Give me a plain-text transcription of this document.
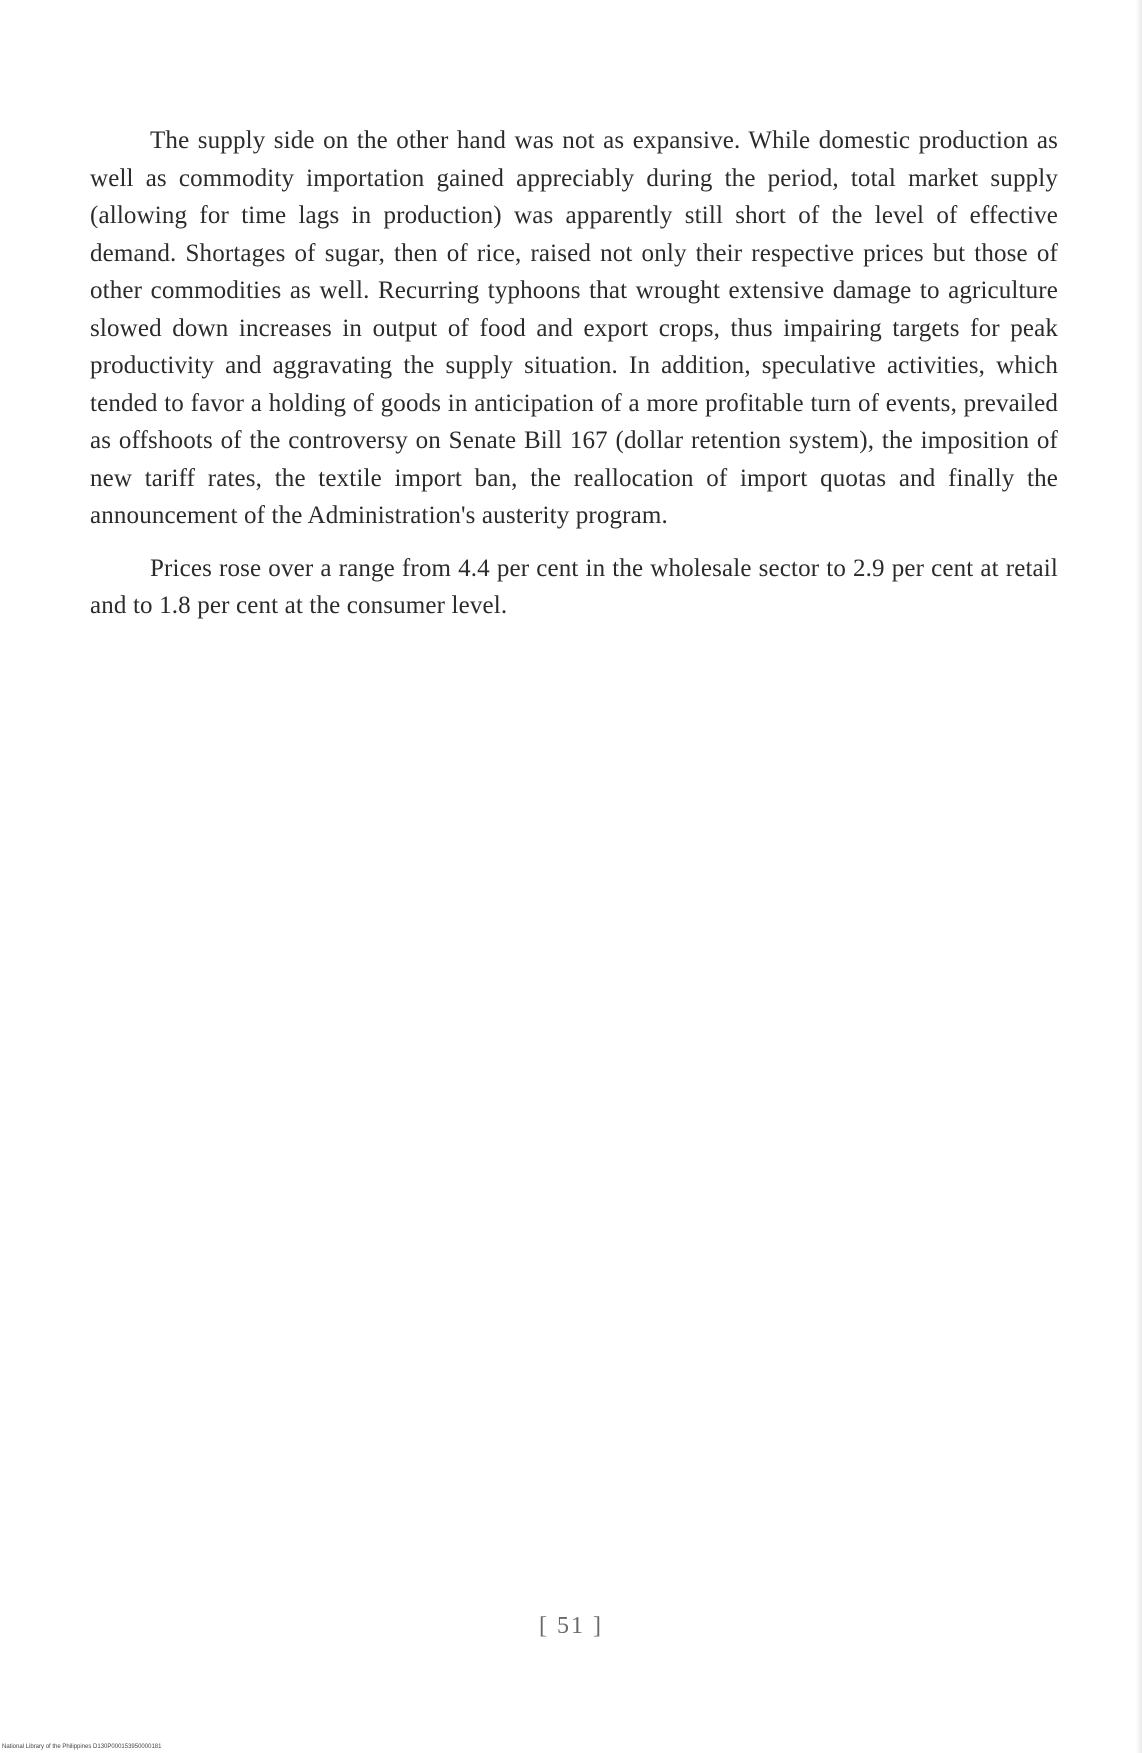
The supply side on the other hand was not as expansive. While domestic production as well as commodity importation gained appreciably during the period, total market supply (allowing for time lags in production) was apparently still short of the level of effective demand. Shortages of sugar, then of rice, raised not only their respective prices but those of other commodities as well. Recurring typhoons that wrought extensive damage to agriculture slowed down increases in output of food and export crops, thus impairing targets for peak productivity and aggravating the supply situation. In addition, speculative activities, which tended to favor a holding of goods in anticipation of a more profitable turn of events, prevailed as offshoots of the controversy on Senate Bill 167 (dollar retention system), the imposition of new tariff rates, the textile import ban, the reallocation of import quotas and finally the announcement of the Administration's austerity program.

Prices rose over a range from 4.4 per cent in the wholesale sector to 2.9 per cent at retail and to 1.8 per cent at the consumer level.

[ 51 ]
National Library of the Philippines D130P000153950000181
